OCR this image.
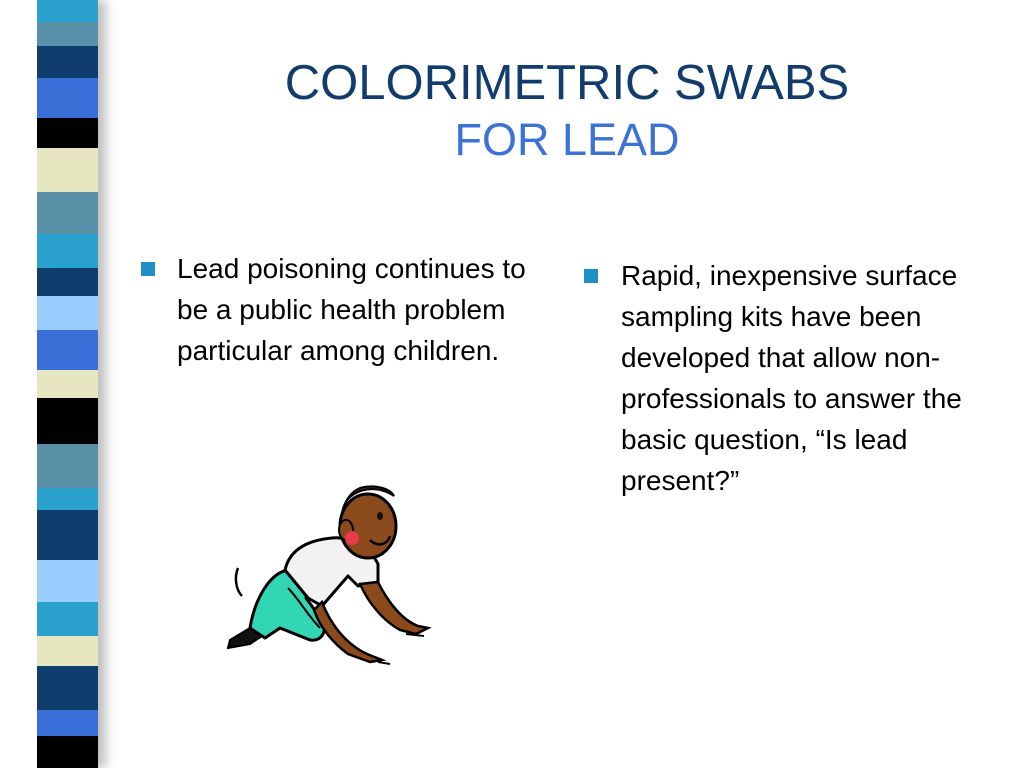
COLORIMETRIC SWABS
FOR LEAD
Lead poisoning continues to be a public health problem particular among children.
Rapid, inexpensive surface sampling kits have been developed that allow non-professionals to answer the basic question, “Is lead present?”
